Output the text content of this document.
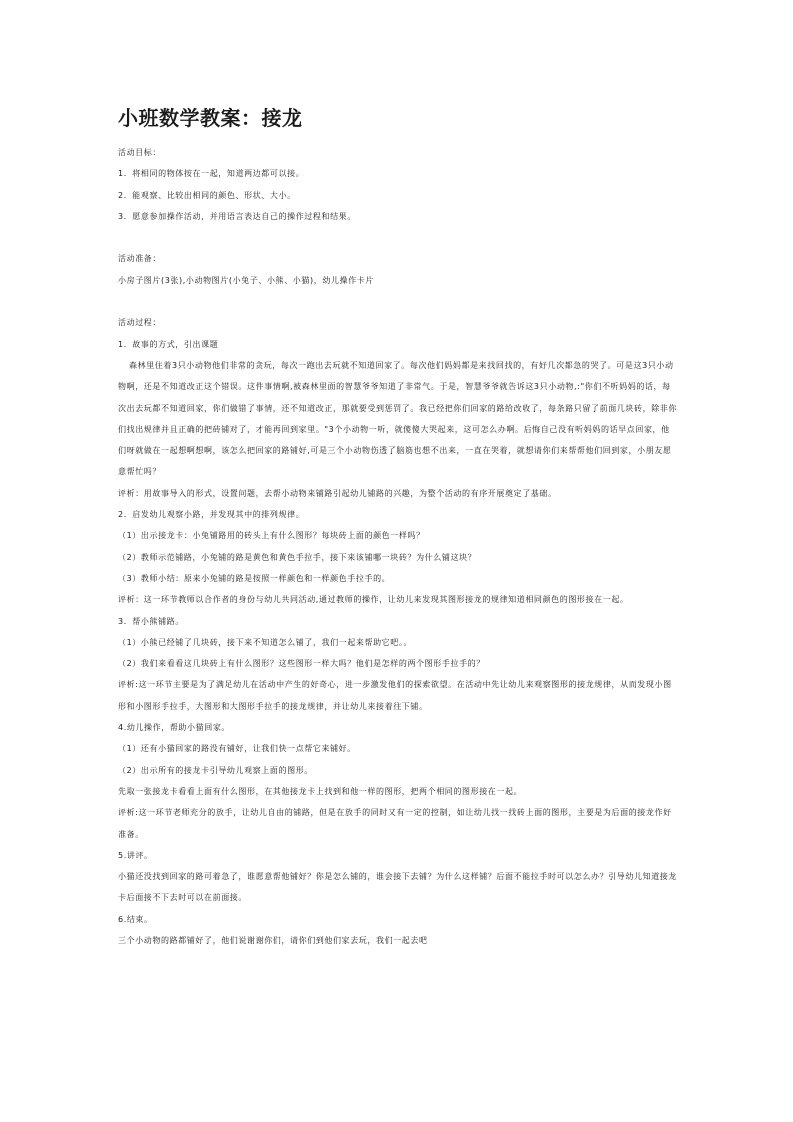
小班数学教案：接龙

活动目标：

1．将相同的物体按在一起，知道两边都可以接。

2．能观察、比较出相同的颜色、形状、大小。

3．愿意参加操作活动，并用语言表达自己的操作过程和结果。

活动准备：

小房子图片(3张),小动物图片(小兔子、小熊、小猫)，幼儿操作卡片

活动过程：

1．故事的方式，引出课题

森林里住着3只小动物他们非常的贪玩，每次一跑出去玩就不知道回家了。每次他们妈妈都是来找回找的，有好几次都急的哭了。可是这3只小动物啊，还是不知道改正这个错误。这件事情啊,被森林里面的智慧爷爷知道了非常气。于是，智慧爷爷就告诉这3只小动物,:"你们不听妈妈的话，每次出去玩都不知道回家，你们做错了事情，还不知道改正，那就要受到惩罚了。我已经把你们回家的路给改收了，每条路只留了前面几块砖，除非你们找出规律并且正确的把砖铺对了，才能再回到家里。"3个小动物一听，就傻傻大哭起来，这可怎么办啊。后悔自己没有听妈妈的话早点回家，他们呀就做在一起想啊想啊，该怎么把回家的路铺好,可是三个小动物伤透了脑筋也想不出来，一直在哭着，就想请你们来帮帮他们回到家，小朋友愿意帮忙吗？

评析：用故事导入的形式，设置问题，去帮小动物来铺路引起幼儿铺路的兴趣，为整个活动的有序开展奠定了基础。

2．启发幼儿观察小路，并发现其中的排列规律。

（1）出示接龙卡：小兔铺路用的砖头上有什么图形？每块砖上面的颜色一样吗？

（2）教师示范铺路，小兔铺的路是黄色和黄色手拉手，接下来该铺哪一块砖？为什么铺这块？

（3）教师小结：原来小兔铺的路是按照一样颜色和一样颜色手拉手的。

评析：这一环节教师以合作者的身份与幼儿共同活动,通过教师的操作，让幼儿来发现其图形接龙的规律知道相同颜色的图形接在一起。

3．帮小熊铺路。

（1）小熊已经铺了几块砖，接下来不知道怎么铺了，我们一起来帮助它吧。。

（2）我们来看看这几块砖上有什么图形？这些图形一样大吗？他们是怎样的两个图形手拉手的？

评析:这一环节主要是为了满足幼儿在活动中产生的好奇心，进一步激发他们的探索欲望。在活动中先让幼儿来观察图形的接龙规律，从而发现小图形和小图形手拉手，大图形和大图形手拉手的接龙规律，并让幼儿来接着往下铺。

4.幼儿操作，帮助小猫回家。

（1）还有小猫回家的路没有铺好，让我们快一点帮它来铺好。

（2）出示所有的接龙卡引导幼儿观察上面的图形。

先取一张接龙卡看看上面有什么图形，在其他接龙卡上找到和他一样的图形，把两个相同的图形接在一起。

评析:这一环节老师充分的放手，让幼儿自由的铺路，但是在放手的同时又有一定的控制，如让幼儿找一找砖上面的图形，主要是为后面的接龙作好准备。

5.讲评。

小猫还没找到回家的路可着急了，谁愿意帮他铺好？你是怎么铺的，谁会接下去铺？为什么这样铺？后面不能拉手时可以怎么办？引导幼儿知道接龙卡后面接不下去时可以在前面接。

6.结束。

三个小动物的路都铺好了，他们说谢谢你们，请你们到他们家去玩，我们一起去吧
